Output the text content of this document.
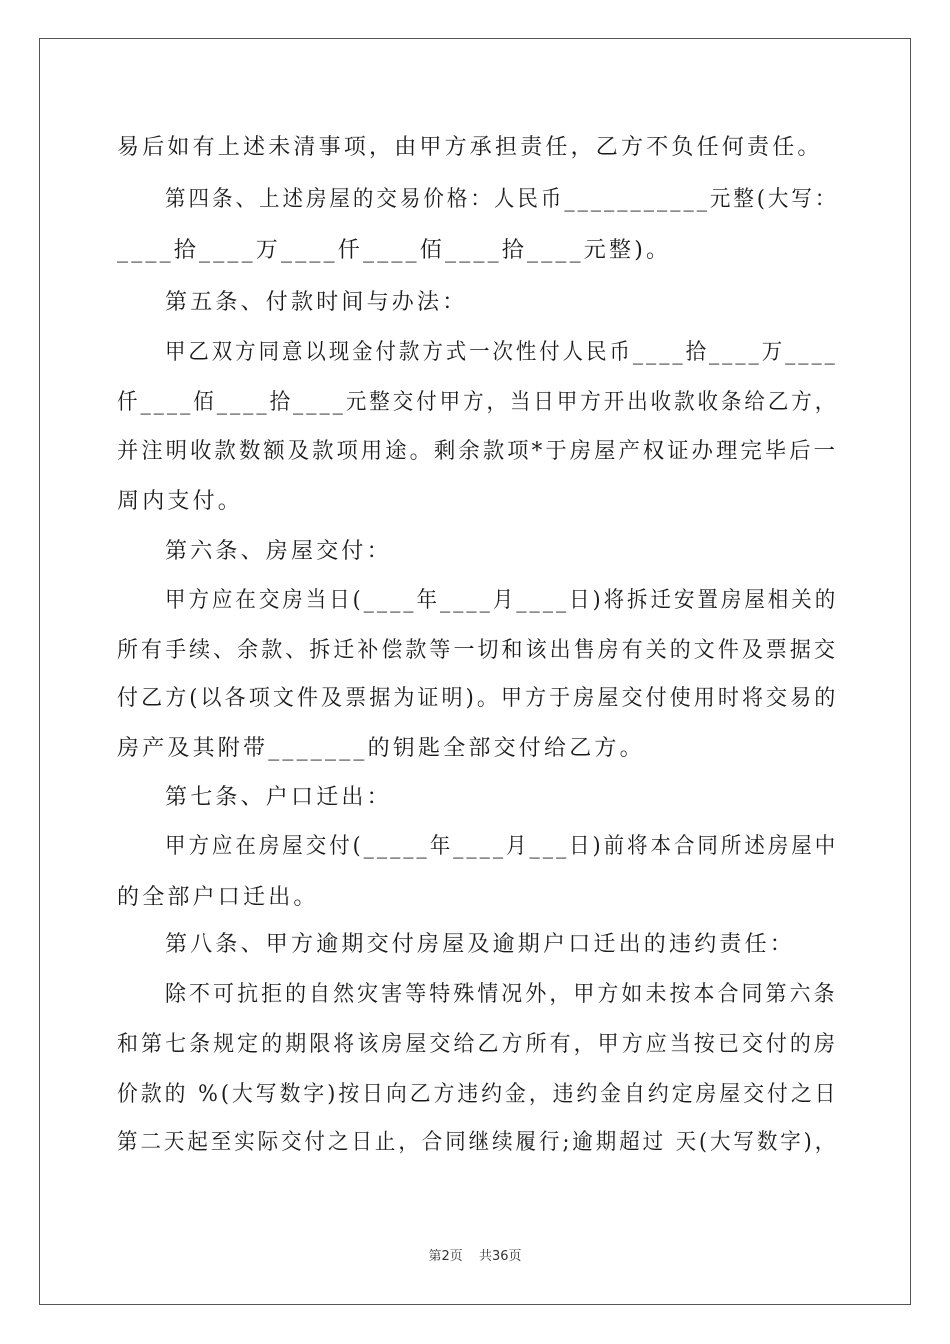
易后如有上述未清事项，由甲方承担责任，乙方不负任何责任。
第四条、上述房屋的交易价格：人民币___________元整(大写：
____拾____万____仟____佰____拾____元整)。
第五条、付款时间与办法：
甲乙双方同意以现金付款方式一次性付人民币____拾____万____
仟____佰____拾____元整交付甲方，当日甲方开出收款收条给乙方，
并注明收款数额及款项用途。剩余款项*于房屋产权证办理完毕后一
周内支付。
第六条、房屋交付：
甲方应在交房当日(____年____月____日)将拆迁安置房屋相关的
所有手续、余款、拆迁补偿款等一切和该出售房有关的文件及票据交
付乙方(以各项文件及票据为证明)。甲方于房屋交付使用时将交易的
房产及其附带_______的钥匙全部交付给乙方。
第七条、户口迁出：
甲方应在房屋交付(_____年____月___日)前将本合同所述房屋中
的全部户口迁出。
第八条、甲方逾期交付房屋及逾期户口迁出的违约责任：
除不可抗拒的自然灾害等特殊情况外，甲方如未按本合同第六条
和第七条规定的期限将该房屋交给乙方所有，甲方应当按已交付的房
价款的 %(大写数字)按日向乙方违约金，违约金自约定房屋交付之日
第二天起至实际交付之日止，合同继续履行;逾期超过 天(大写数字)，
第2页 共36页
